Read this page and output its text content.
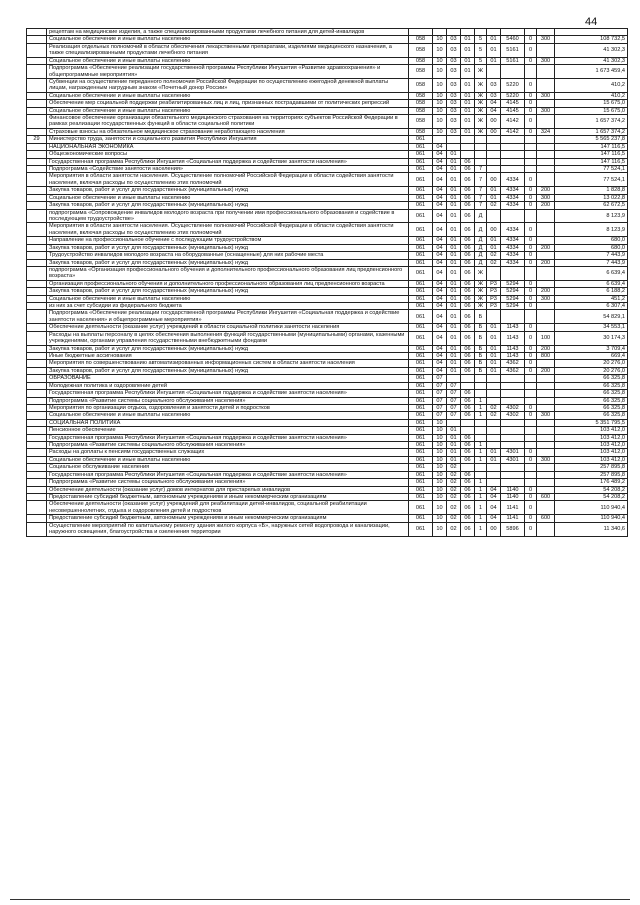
44
	рецептам на медицинские изделия, а также специализированными продуктами лечебного питания для детей-инвалидов										
	Социальное обеспечение и иные выплаты населению	058	10	03	01	5	01	5460	0	300	108 732,5
	Реализация отдельных полномочий в области обеспечения лекарственными препаратами, изделиями медицинского назначения, а также специализированными продуктами лечебного питания	058	10	03	01	5	01	5161	0		41 302,3
	Социальное обеспечение и иные выплаты населению	058	10	03	01	5	01	5161	0	300	41 302,3
	Подпрограмма «Обеспечение реализации государственной программы Республики Ингушетия «Развитие здравоохранения» и общепрограммные мероприятия»	058	10	03	01	Ж					1 673 459,4
	Субвенции на осуществление переданного полномочия Российской Федерации по осуществлению ежегодной денежной выплаты лицам, награжденным нагрудным знаком «Почетный донор России»	058	10	03	01	Ж	03	5220	0		410,2
	Социальное обеспечение и иные выплаты населению	058	10	03	01	Ж	03	5220	0	300	410,2
	Обеспечение мер социальной поддержки реабилитированных лиц и лиц, признанных пострадавшими от политических репрессий	058	10	03	01	Ж	04	4145	0		15 675,0
	Социальное обеспечение и иные выплаты населению	058	10	03	01	Ж	04	4145	0	300	15 675,0
	Финансовое обеспечение организации обязательного медицинского страхования на территориях субъектов Российской Федерации в рамках реализации государственных функций в области социальной политики	058	10	03	01	Ж	00	4142	0		1 657 374,2
	Страховые взносы на обязательное медицинское страхование неработающего населения	058	10	03	01	Ж	00	4142	0	324	1 657 374,2
29	Министерство труда, занятости и социального развития Республики Ингушетия	061									5 565 237,8
	НАЦИОНАЛЬНАЯ ЭКОНОМИКА	061	04								147 116,5
	Общеэкономические вопросы	061	04	01							147 116,5
	Государственная программа Республики Ингушетия «Социальная поддержка и содействие занятости населения»	061	04	01	06						147 116,5
	Подпрограмма «Содействие занятости населения»	061	04	01	06	7					77 524,1
	Мероприятия в области занятости населения. Осуществление полномочий Российской Федерации в области содействия занятости населения, включая расходы по осуществлению этих полномочий	061	04	01	06	7	00	4334	0		77 524,1
	Закупка товаров, работ и услуг для государственных (муниципальных) нужд	061	04	01	06	7	01	4334	0	200	1 828,8
	Социальное обеспечение и иные выплаты населению	061	04	01	06	7	01	4334	0	300	13 022,8
	Закупка товаров, работ и услуг для государственных (муниципальных) нужд	061	04	01	06	7	02	4334	0	200	62 672,5
	подпрограмма «Сопровождение инвалидов молодого возраста при получении ими профессионального образования и содействие в последующем трудоустройстве»	061	04	01	06	Д					8 123,9
	Мероприятия в области занятости населения. Осуществление полномочий Российской Федерации в области содействия занятости населения, включая расходы по осуществлению этих полномочий	061	04	01	06	Д	00	4334	0		8 123,9
	Направление на профессиональное обучение с последующим трудоустройством	061	04	01	06	Д	01	4334	0		680,0
	Закупка товаров, работ и услуг для государственных (муниципальных) нужд	061	04	01	06	Д	01	4334	0	200	680,0
	Трудоустройство инвалидов молодого возраста на оборудованные (оснащенные) для них рабочие места	061	04	01	06	Д	02	4334	0		7 443,9
	Закупка товаров, работ и услуг для государственных (муниципальных) нужд	061	04	01	06	Д	02	4334	0	200	7 443,9
	подпрограмма «Организация профессионального обучения и дополнительного профессионального образования лиц предпенсионного возраста»	061	04	01	06	Ж					6 639,4
	Организация профессионального обучения и дополнительного профессионального образования лиц предпенсионного возраста	061	04	01	06	Ж	Р3	5294	0		6 639,4
	Закупка товаров, работ и услуг для государственных (муниципальных) нужд	061	04	01	06	Ж	Р3	5294	0	200	6 188,2
	Социальное обеспечение и иные выплаты населению	061	04	01	06	Ж	Р3	5294	0	300	451,2
	из них за счет субсидии из федерального бюджета	061	04	01	06	Ж	Р3	5294	0		6 307,4
	Подпрограмма «Обеспечение реализации государственной программы Республики Ингушетия «Социальная поддержка и содействие занятости населения» и общепрограммные мероприятия»	061	04	01	06	Б					54 829,1
	Обеспечение деятельности (оказание услуг) учреждений в области социальной политики занятости населения	061	04	01	06	Б	01	1143	0		34 553,1
	Расходы на выплаты персоналу в целях обеспечения выполнения функций государственными (муниципальными) органами, казенными учреждениями, органами управления государственными внебюджетными фондами	061	04	01	06	Б	01	1143	0	100	30 174,3
	Закупка товаров, работ и услуг для государственных (муниципальных) нужд	061	04	01	06	Б	01	1143	0	200	3 709,4
	Иные бюджетные ассигнования	061	04	01	06	Б	01	1143	0	800	669,4
	Мероприятия по совершенствованию автоматизированных информационных систем в области занятости населения	061	04	01	06	Б	01	4362	0		20 276,0
	Закупка товаров, работ и услуг для государственных (муниципальных) нужд	061	04	01	06	Б	01	4362	0	200	20 276,0
	ОБРАЗОВАНИЕ	061	07								66 325,8
	Молодежная политика и оздоровление детей	061	07	07							66 325,8
	Государственная программа Республики Ингушетия «Социальная поддержка и содействие занятости населения»	061	07	07	06						66 325,8
	Подпрограмма «Развитие системы социального обслуживания населения»	061	07	07	06	1					66 325,8
	Мероприятия по организации отдыха, оздоровления и занятости детей и подростков	061	07	07	06	1	02	4302	0		66 325,8
	Социальное обеспечение и иные выплаты населению	061	07	07	06	1	02	4302	0	300	66 325,8
	СОЦИАЛЬНАЯ ПОЛИТИКА	061	10								5 351 795,5
	Пенсионное обеспечение	061	10	01							103 412,0
	Государственная программа Республики Ингушетия «Социальная поддержка и содействие занятости населения»	061	10	01	06						103 412,0
	Подпрограмма «Развитие системы социального обслуживания населения»	061	10	01	06	1					103 412,0
	Расходы на доплаты к пенсиям государственных служащих	061	10	01	06	1	01	4301	0		103 412,0
	Социальное обеспечение и иные выплаты населению	061	10	01	06	1	01	4301	0	300	103 412,0
	Социальное обслуживание населения	061	10	02							257 895,8
	Государственная программа Республики Ингушетия «Социальная поддержка и содействие занятости населения»	061	10	02	06						257 895,8
	Подпрограмма «Развитие системы социального обслуживания населения»	061	10	02	06	1					176 489,2
	Обеспечение деятельности (оказание услуг) домов интернатов для престарелых инвалидов	061	10	02	06	1	04	1140	0		54 208,2
	Предоставление субсидий бюджетным, автономным учреждениям и иным некоммерческим организациям	061	10	02	06	1	04	1140	0	600	54 208,2
	Обеспечение деятельности (оказание услуг) учреждений для реабилитации детей-инвалидов, социальной реабилитации несовершеннолетних, отдыха и оздоровления детей и подростков	061	10	02	06	1	04	1141	0		110 940,4
	Предоставление субсидий бюджетным, автономным учреждениям и иным некоммерческим организациям	061	10	02	06	1	04	1141	0	600	110 940,4
	Осуществление мероприятий по капитальному ремонту здания жилого корпуса «Б», наружных сетей водопровода и канализации, наружного освещения, благоустройства и озеленения территории	061	10	02	06	1	00	5896	0		11 340,6
